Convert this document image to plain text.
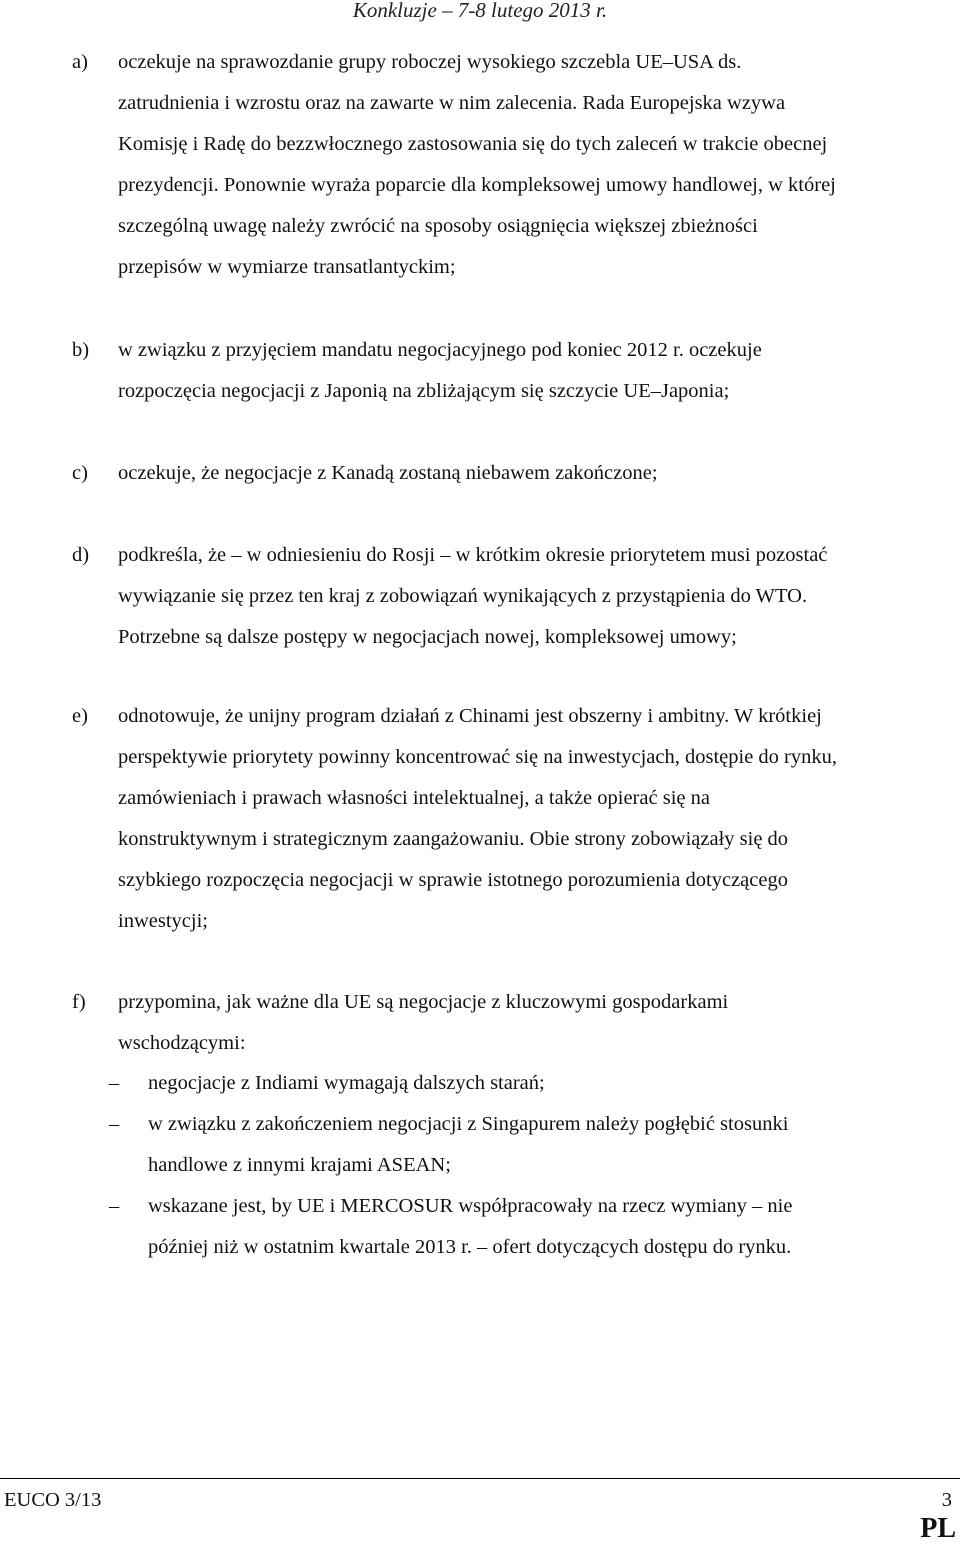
Konkluzje – 7-8 lutego 2013 r.
a) oczekuje na sprawozdanie grupy roboczej wysokiego szczebla UE–USA ds.
zatrudnienia i wzrostu oraz na zawarte w nim zalecenia. Rada Europejska wzywa
Komisję i Radę do bezzwłocznego zastosowania się do tych zaleceń w trakcie obecnej
prezydencji. Ponownie wyraża poparcie dla kompleksowej umowy handlowej, w której
szczególną uwagę należy zwrócić na sposoby osiągnięcia większej zbieżności
przepisów w wymiarze transatlantyckim;
b) w związku z przyjęciem mandatu negocjacyjnego pod koniec 2012 r. oczekuje
rozpoczęcia negocjacji z Japonią na zbliżającym się szczycie UE–Japonia;
c) oczekuje, że negocjacje z Kanadą zostaną niebawem zakończone;
d) podkreśla, że – w odniesieniu do Rosji – w krótkim okresie priorytetem musi pozostać
wywiązanie się przez ten kraj z zobowiązań wynikających z przystąpienia do WTO.
Potrzebne są dalsze postępy w negocjacjach nowej, kompleksowej umowy;
e) odnotowuje, że unijny program działań z Chinami jest obszerny i ambitny. W krótkiej
perspektywie priorytety powinny koncentrować się na inwestycjach, dostępie do rynku,
zamówieniach i prawach własności intelektualnej, a także opierać się na
konstruktywnym i strategicznym zaangażowaniu. Obie strony zobowiązały się do
szybkiego rozpoczęcia negocjacji w sprawie istotnego porozumienia dotyczącego
inwestycji;
f) przypomina, jak ważne dla UE są negocjacje z kluczowymi gospodarkami
wschodzącymi:
– negocjacje z Indiami wymagają dalszych starań;
– w związku z zakończeniem negocjacji z Singapurem należy pogłębić stosunki
handlowe z innymi krajami ASEAN;
– wskazane jest, by UE i MERCOSUR współpracowały na rzecz wymiany – nie
później niż w ostatnim kwartale 2013 r. – ofert dotyczących dostępu do rynku.
EUCO 3/13	3
PL
